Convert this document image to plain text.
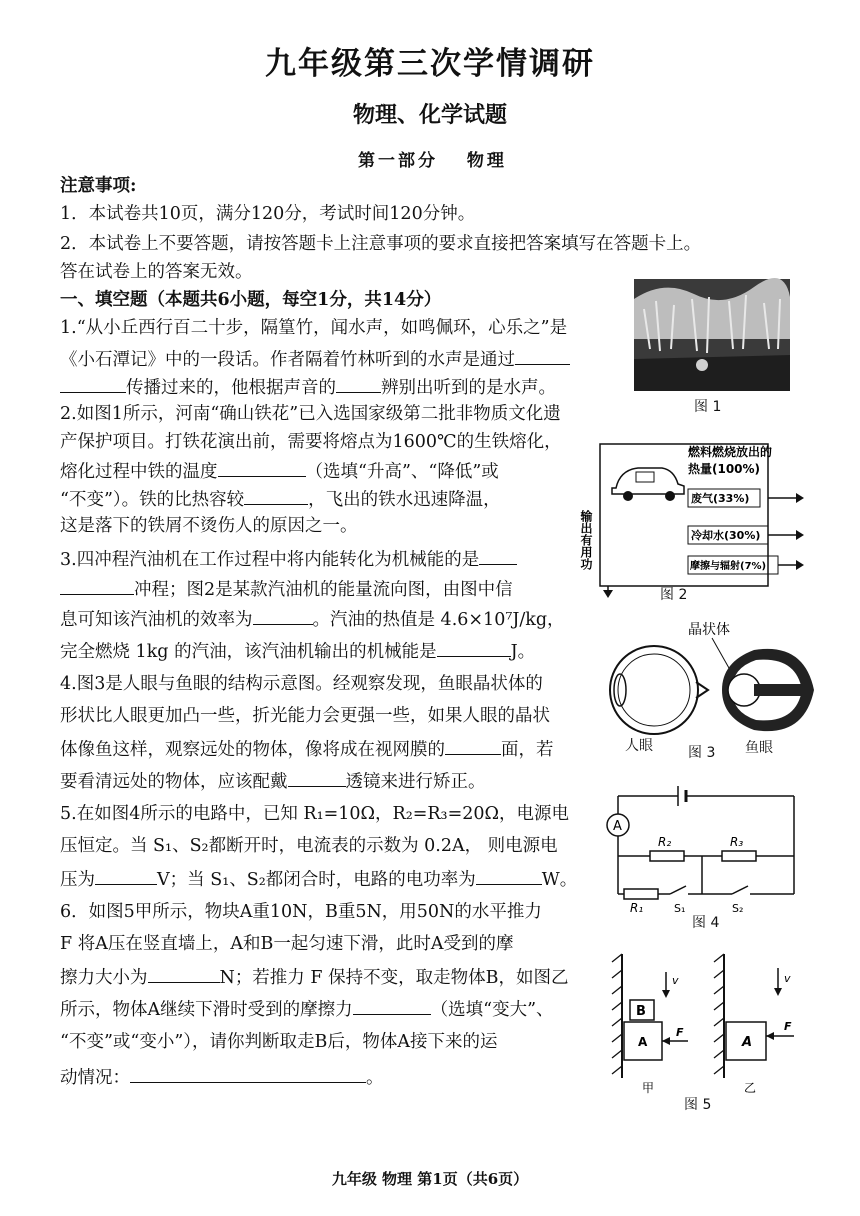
九年级第三次学情调研
物理、化学试题
第一部分 物理
注意事项:
1．本试卷共10页，满分120分，考试时间120分钟。
2．本试卷上不要答题，请按答题卡上注意事项的要求直接把答案填写在答题卡上。
答在试卷上的答案无效。
一、填空题（本题共6小题，每空1分，共14分）
1.“从小丘西行百二十步，隔篁竹，闻水声，如鸣佩环，心乐之”是
《小石潭记》中的一段话。作者隔着竹林听到的水声是通过
传播过来的，他根据声音的	辨别出听到的是水声。
2.如图1所示，河南“确山铁花”已入选国家级第二批非物质文化遗
产保护项目。打铁花演出前，需要将熔点为1600℃的生铁熔化，
熔化过程中铁的温度	（选填“升高”、“降低”或
“不变”）。铁的比热容较	，飞出的铁水迅速降温，
这是落下的铁屑不烫伤人的原因之一。
3.四冲程汽油机在工作过程中将内能转化为机械能的是
冲程；图2是某款汽油机的能量流向图，由图中信
息可知该汽油机的效率为	。汽油的热值是 4.6×10⁷J/kg，
完全燃烧 1kg 的汽油，该汽油机输出的机械能是	J。
4.图3是人眼与鱼眼的结构示意图。经观察发现，鱼眼晶状体的
形状比人眼更加凸一些，折光能力会更强一些，如果人眼的晶状
体像鱼这样，观察远处的物体，像将成在视网膜的	面，若
要看清远处的物体，应该配戴	透镜来进行矫正。
5.在如图4所示的电路中，已知 R₁=10Ω，R₂=R₃=20Ω，电源电
压恒定。当 S₁、S₂都断开时，电流表的示数为 0.2A， 则电源电
压为	V；当 S₁、S₂都闭合时，电路的电功率为	W。
6．如图5甲所示，物块A重10N，B重5N，用50N的水平推力
F 将A压在竖直墙上，A和B一起匀速下滑，此时A受到的摩
擦力大小为	N；若推力 F 保持不变，取走物体B，如图乙
所示，物体A继续下滑时受到的摩擦力	（选填“变大”、
“不变”或“变小”），请你判断取走B后，物体A接下来的运
动情况：	。
图 1
燃料燃烧放出的
热量(100%)
废气(33%)
冷却水(30%)
摩擦与辐射(7%)
输出有用功
图 2
晶状体
人眼	图 3 鱼眼
A
R₂	R₃
R₁	S₁	S₂
图 4
B
A
F
v
A
F
v
甲	乙
图 5
九年级 物理 第1页（共6页）
